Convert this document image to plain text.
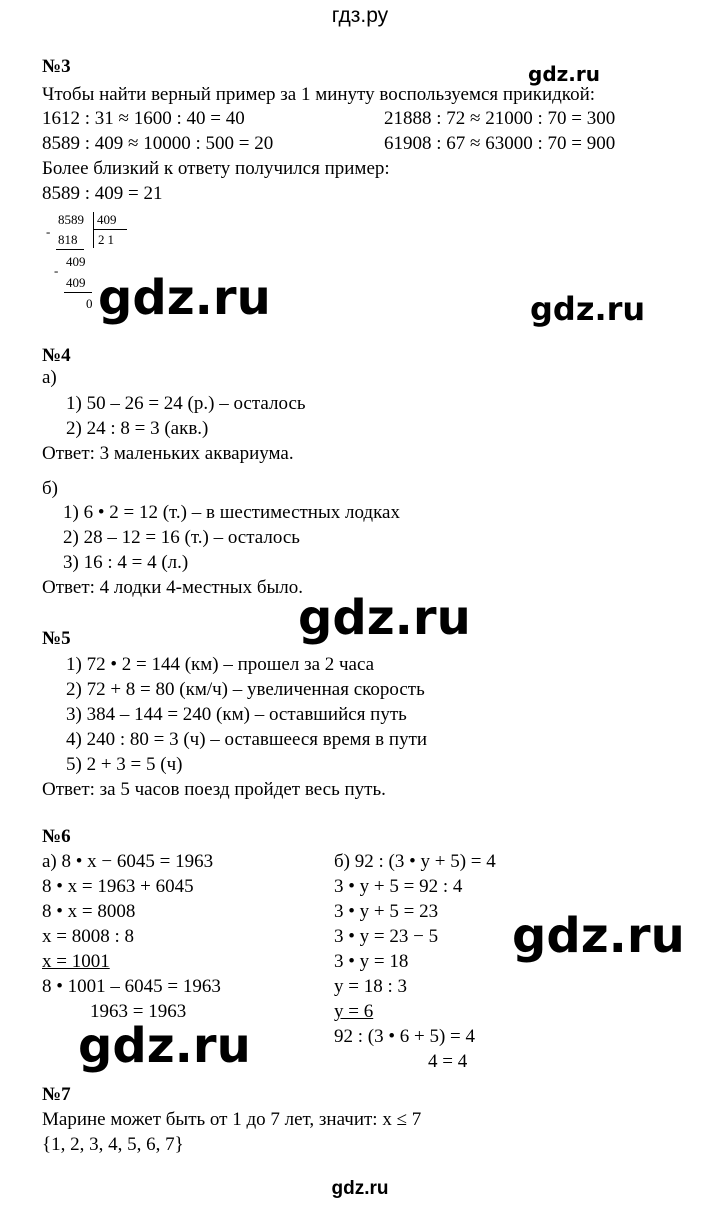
гдз.ру
№3	gdz.ru
Чтобы найти верный пример за 1 минуту воспользуемся прикидкой:
1612 : 31 ≈ 1600 : 40 = 40	21888 : 72 ≈ 21000 : 70 = 300
8589 : 409 ≈ 10000 : 500 = 20	61908 : 67 ≈ 63000 : 70 = 900
Более близкий к ответу получился пример:
8589 : 409 = 21
8589 409
-
818 21
-
409
409
0 gdz.ru	gdz.ru
№4
а)
1) 50 – 26 = 24 (р.) – осталось
2) 24 : 8 = 3 (акв.)
Ответ: 3 маленьких аквариума.
б)
1) 6 • 2 = 12 (т.) – в шестиместных лодках
2) 28 – 12 = 16 (т.) – осталось
3) 16 : 4 = 4 (л.)
Ответ: 4 лодки 4-местных было.
gdz.ru
№5
1) 72 • 2 = 144 (км) – прошел за 2 часа
2) 72 + 8 = 80 (км/ч) – увеличенная скорость
3) 384 – 144 = 240 (км) – оставшийся путь
4) 240 : 80 = 3 (ч) – оставшееся время в пути
5) 2 + 3 = 5 (ч)
Ответ: за 5 часов поезд пройдет весь путь.
№6
а) 8 • x − 6045 = 1963
8 • x = 1963 + 6045
8 • x = 8008
x = 8008 : 8
x = 1001
8 • 1001 – 6045 = 1963
1963 = 1963
б) 92 : (3 • y + 5) = 4
3 • y + 5 = 92 : 4
3 • y + 5 = 23
3 • y = 23 − 5
3 • y = 18
y = 18 : 3
y = 6
92 : (3 • 6 + 5) = 4
4 = 4
gdz.ru
gdz.ru
№7
Марине может быть от 1 до 7 лет, значит: x ≤ 7
{1, 2, 3, 4, 5, 6, 7}
gdz.ru
